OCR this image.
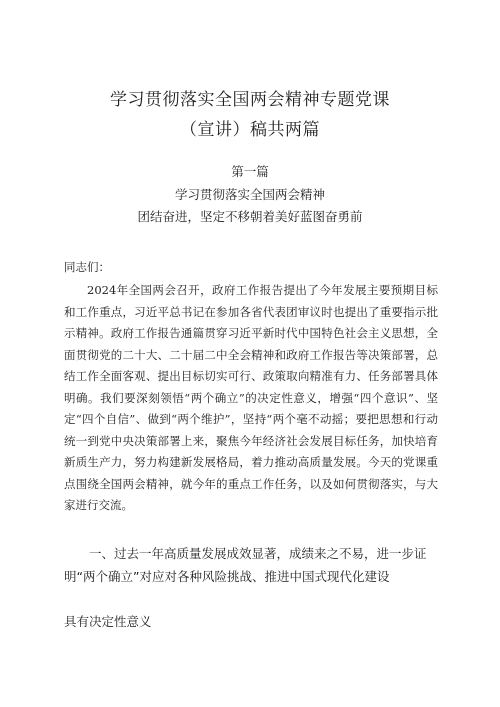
学习贯彻落实全国两会精神专题党课
（宣讲）稿共两篇
第一篇
学习贯彻落实全国两会精神
团结奋进，坚定不移朝着美好蓝图奋勇前
同志们：

2024年全国两会召开，政府工作报告提出了今年发展主要预期目标和工作重点，习近平总书记在参加各省代表团审议时也提出了重要指示批示精神。政府工作报告通篇贯穿习近平新时代中国特色社会主义思想，全面贯彻党的二十大、二十届二中全会精神和政府工作报告等决策部署，总结工作全面客观、提出目标切实可行、政策取向精准有力、任务部署具体明确。我们要深刻领悟“两个确立”的决定性意义，增强“四个意识”、坚定“四个自信”、做到“两个维护”，坚持“两个毫不动摇；要把思想和行动统一到党中央决策部署上来，聚焦今年经济社会发展目标任务，加快培育新质生产力，努力构建新发展格局，着力推动高质量发展。今天的党课重点围绕全国两会精神，就今年的重点工作任务，以及如何贯彻落实，与大家进行交流。

一、过去一年高质量发展成效显著，成绩来之不易，进一步证明“两个确立”对应对各种风险挑战、推进中国式现代化建设

具有决定性意义
